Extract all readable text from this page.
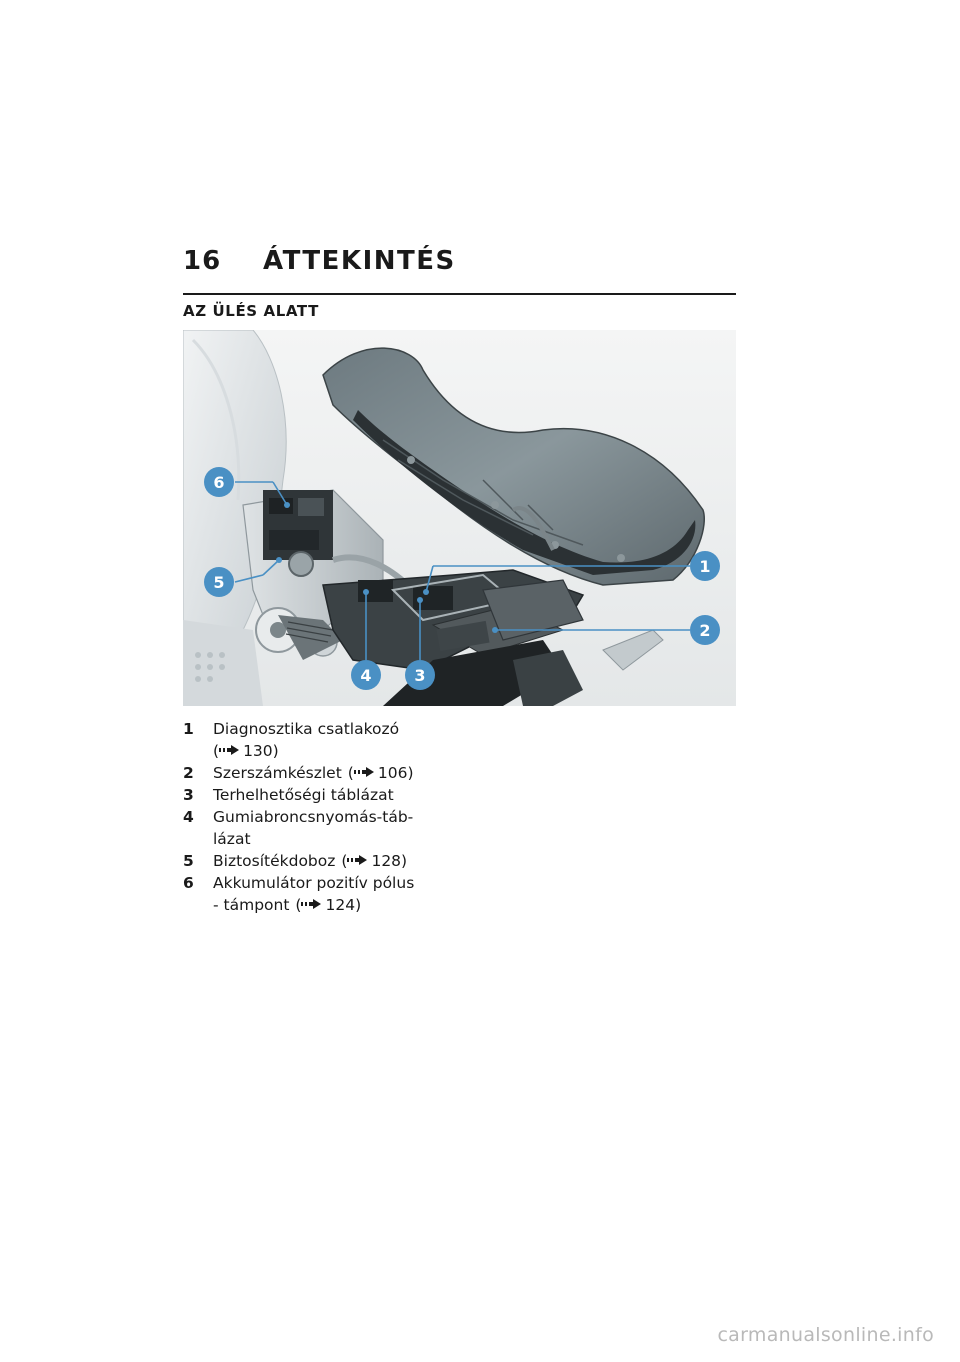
16	ÁTTEKINTÉS
AZ ÜLÉS ALATT
6
5
1
2
4	3
1	Diagnosztika csatlakozó
( 130)
2	Szerszámkészlet ( 106)
3	Terhelhetőségi táblázat
4	Gumiabroncsnyomás-táb-
lázat
5	Biztosítékdoboz ( 128)
6	Akkumulátor pozitív pólus
- támpont ( 124)
carmanualsonline.info
